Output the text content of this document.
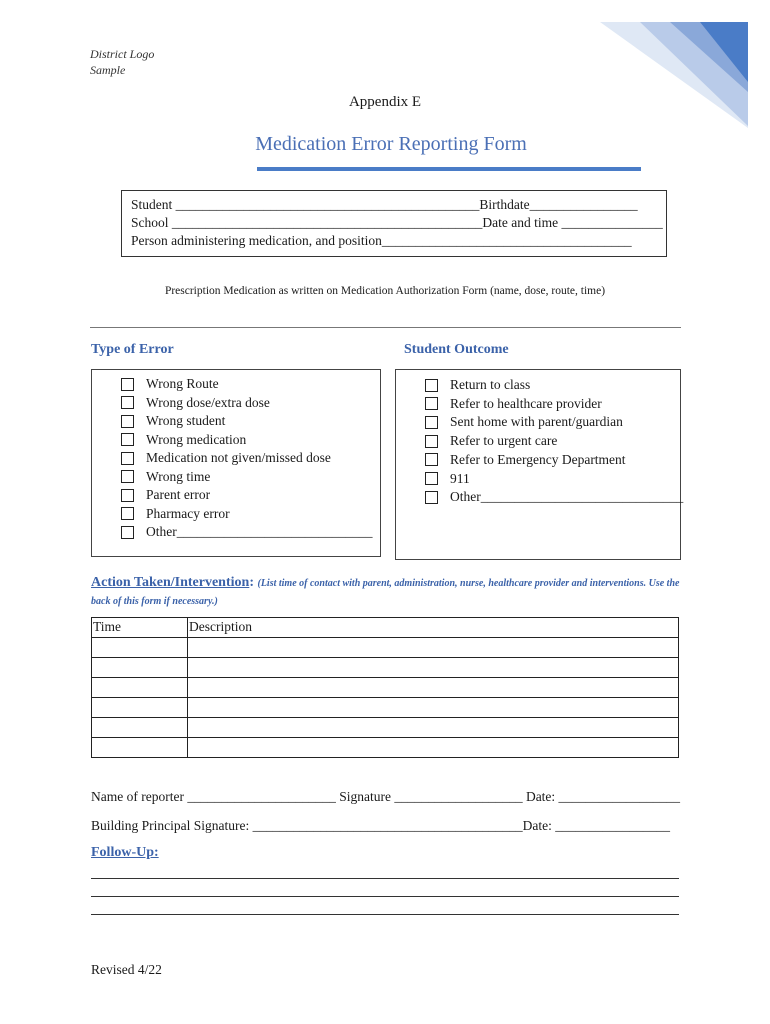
District Logo
Sample
Appendix E
Medication Error Reporting Form
Student _____________________________________________Birthdate________________
School ______________________________________________Date and time _______________
Person administering medication, and position_____________________________________
Prescription Medication as written on Medication Authorization Form (name, dose, route, time)
Type of Error
Wrong Route
Wrong dose/extra dose
Wrong student
Wrong medication
Medication not given/missed dose
Wrong time
Parent error
Pharmacy error
Other_____________________________
Student Outcome
Return to class
Refer to healthcare provider
Sent home with parent/guardian
Refer to urgent care
Refer to Emergency Department
911
Other______________________________
Action Taken/Intervention: (List time of contact with parent, administration, nurse, healthcare provider and interventions. Use the back of this form if necessary.)
Time	Description

Name of reporter ______________________ Signature ___________________ Date: __________________
Building Principal Signature: ________________________________________Date: _________________
Follow-Up:
Revised 4/22
